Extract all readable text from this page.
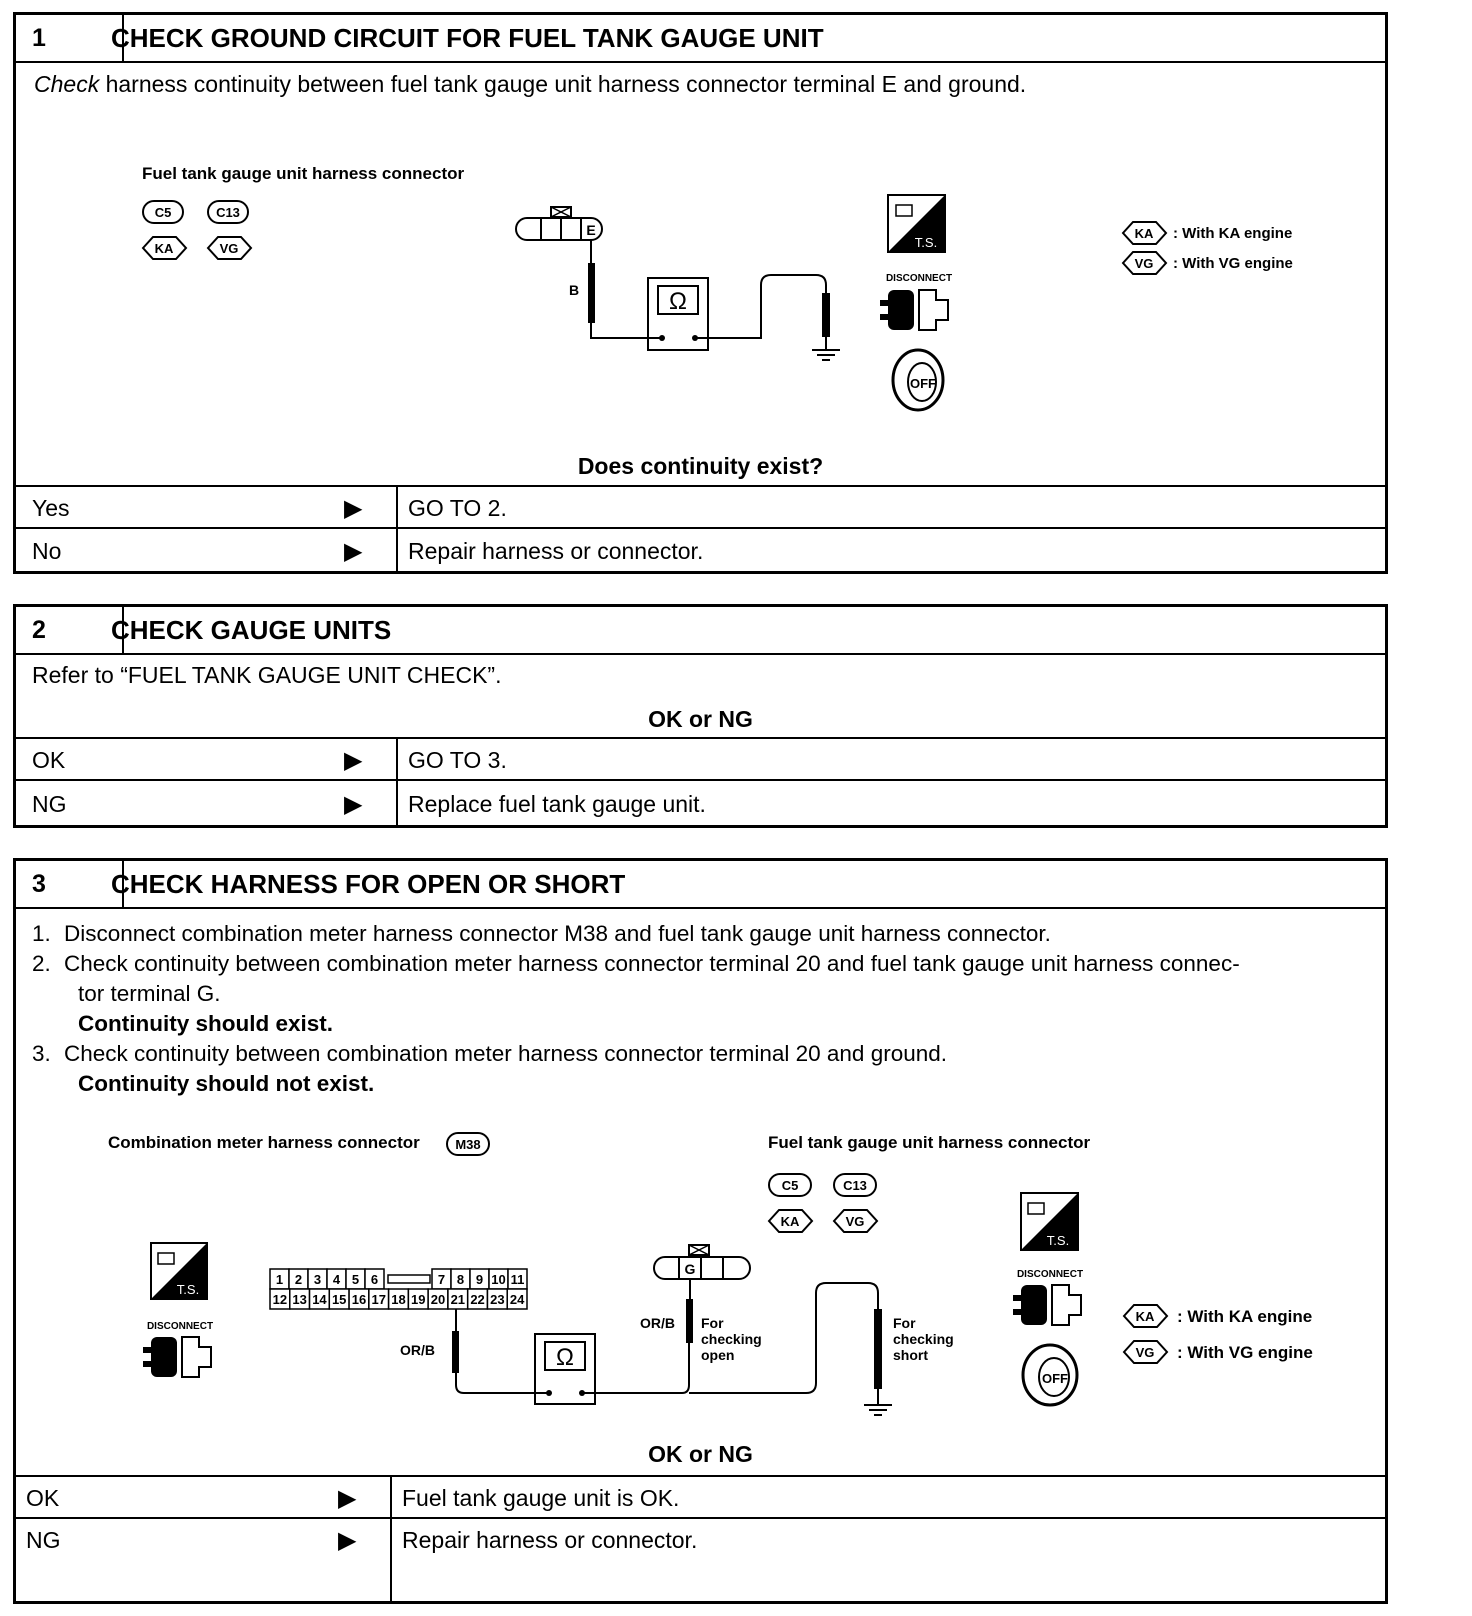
1	CHECK GROUND CIRCUIT FOR FUEL TANK GAUGE UNIT
Check harness continuity between fuel tank gauge unit harness connector terminal E and ground.
Fuel tank gauge unit harness connector
C5	C13
KA	VG
E
B	Ω
T.S.
DISCONNECT
OFF
KA : With KA engine
VG : With VG engine
Does continuity exist?
Yes	▶ GO TO 2.
No	▶ Repair harness or connector.
2	CHECK GAUGE UNITS
Refer to “FUEL TANK GAUGE UNIT CHECK”.
OK or NG
OK	▶ GO TO 3.
NG	▶ Replace fuel tank gauge unit.
3	CHECK HARNESS FOR OPEN OR SHORT
1. Disconnect combination meter harness connector M38 and fuel tank gauge unit harness connector.
2. Check continuity between combination meter harness connector terminal 20 and fuel tank gauge unit harness connec-
tor terminal G.
Continuity should exist.
3. Check continuity between combination meter harness connector terminal 20 and ground.
Continuity should not exist.
Combination meter harness connector	M38	Fuel tank gauge unit harness connector
C5	C13
KA	VG
T.S.
DISCONNECT
1 2 3 4 5 6	7 8 9 10 11
12 13 14 15 16 17 18 19 20 21 22 23 24
OR/B	Ω
G
OR/B For
checking
open
For
checking
short
T.S.
DISCONNECT
OFF
KA : With KA engine
VG : With VG engine
OK or NG
OK	▶ Fuel tank gauge unit is OK.
NG	▶ Repair harness or connector.
